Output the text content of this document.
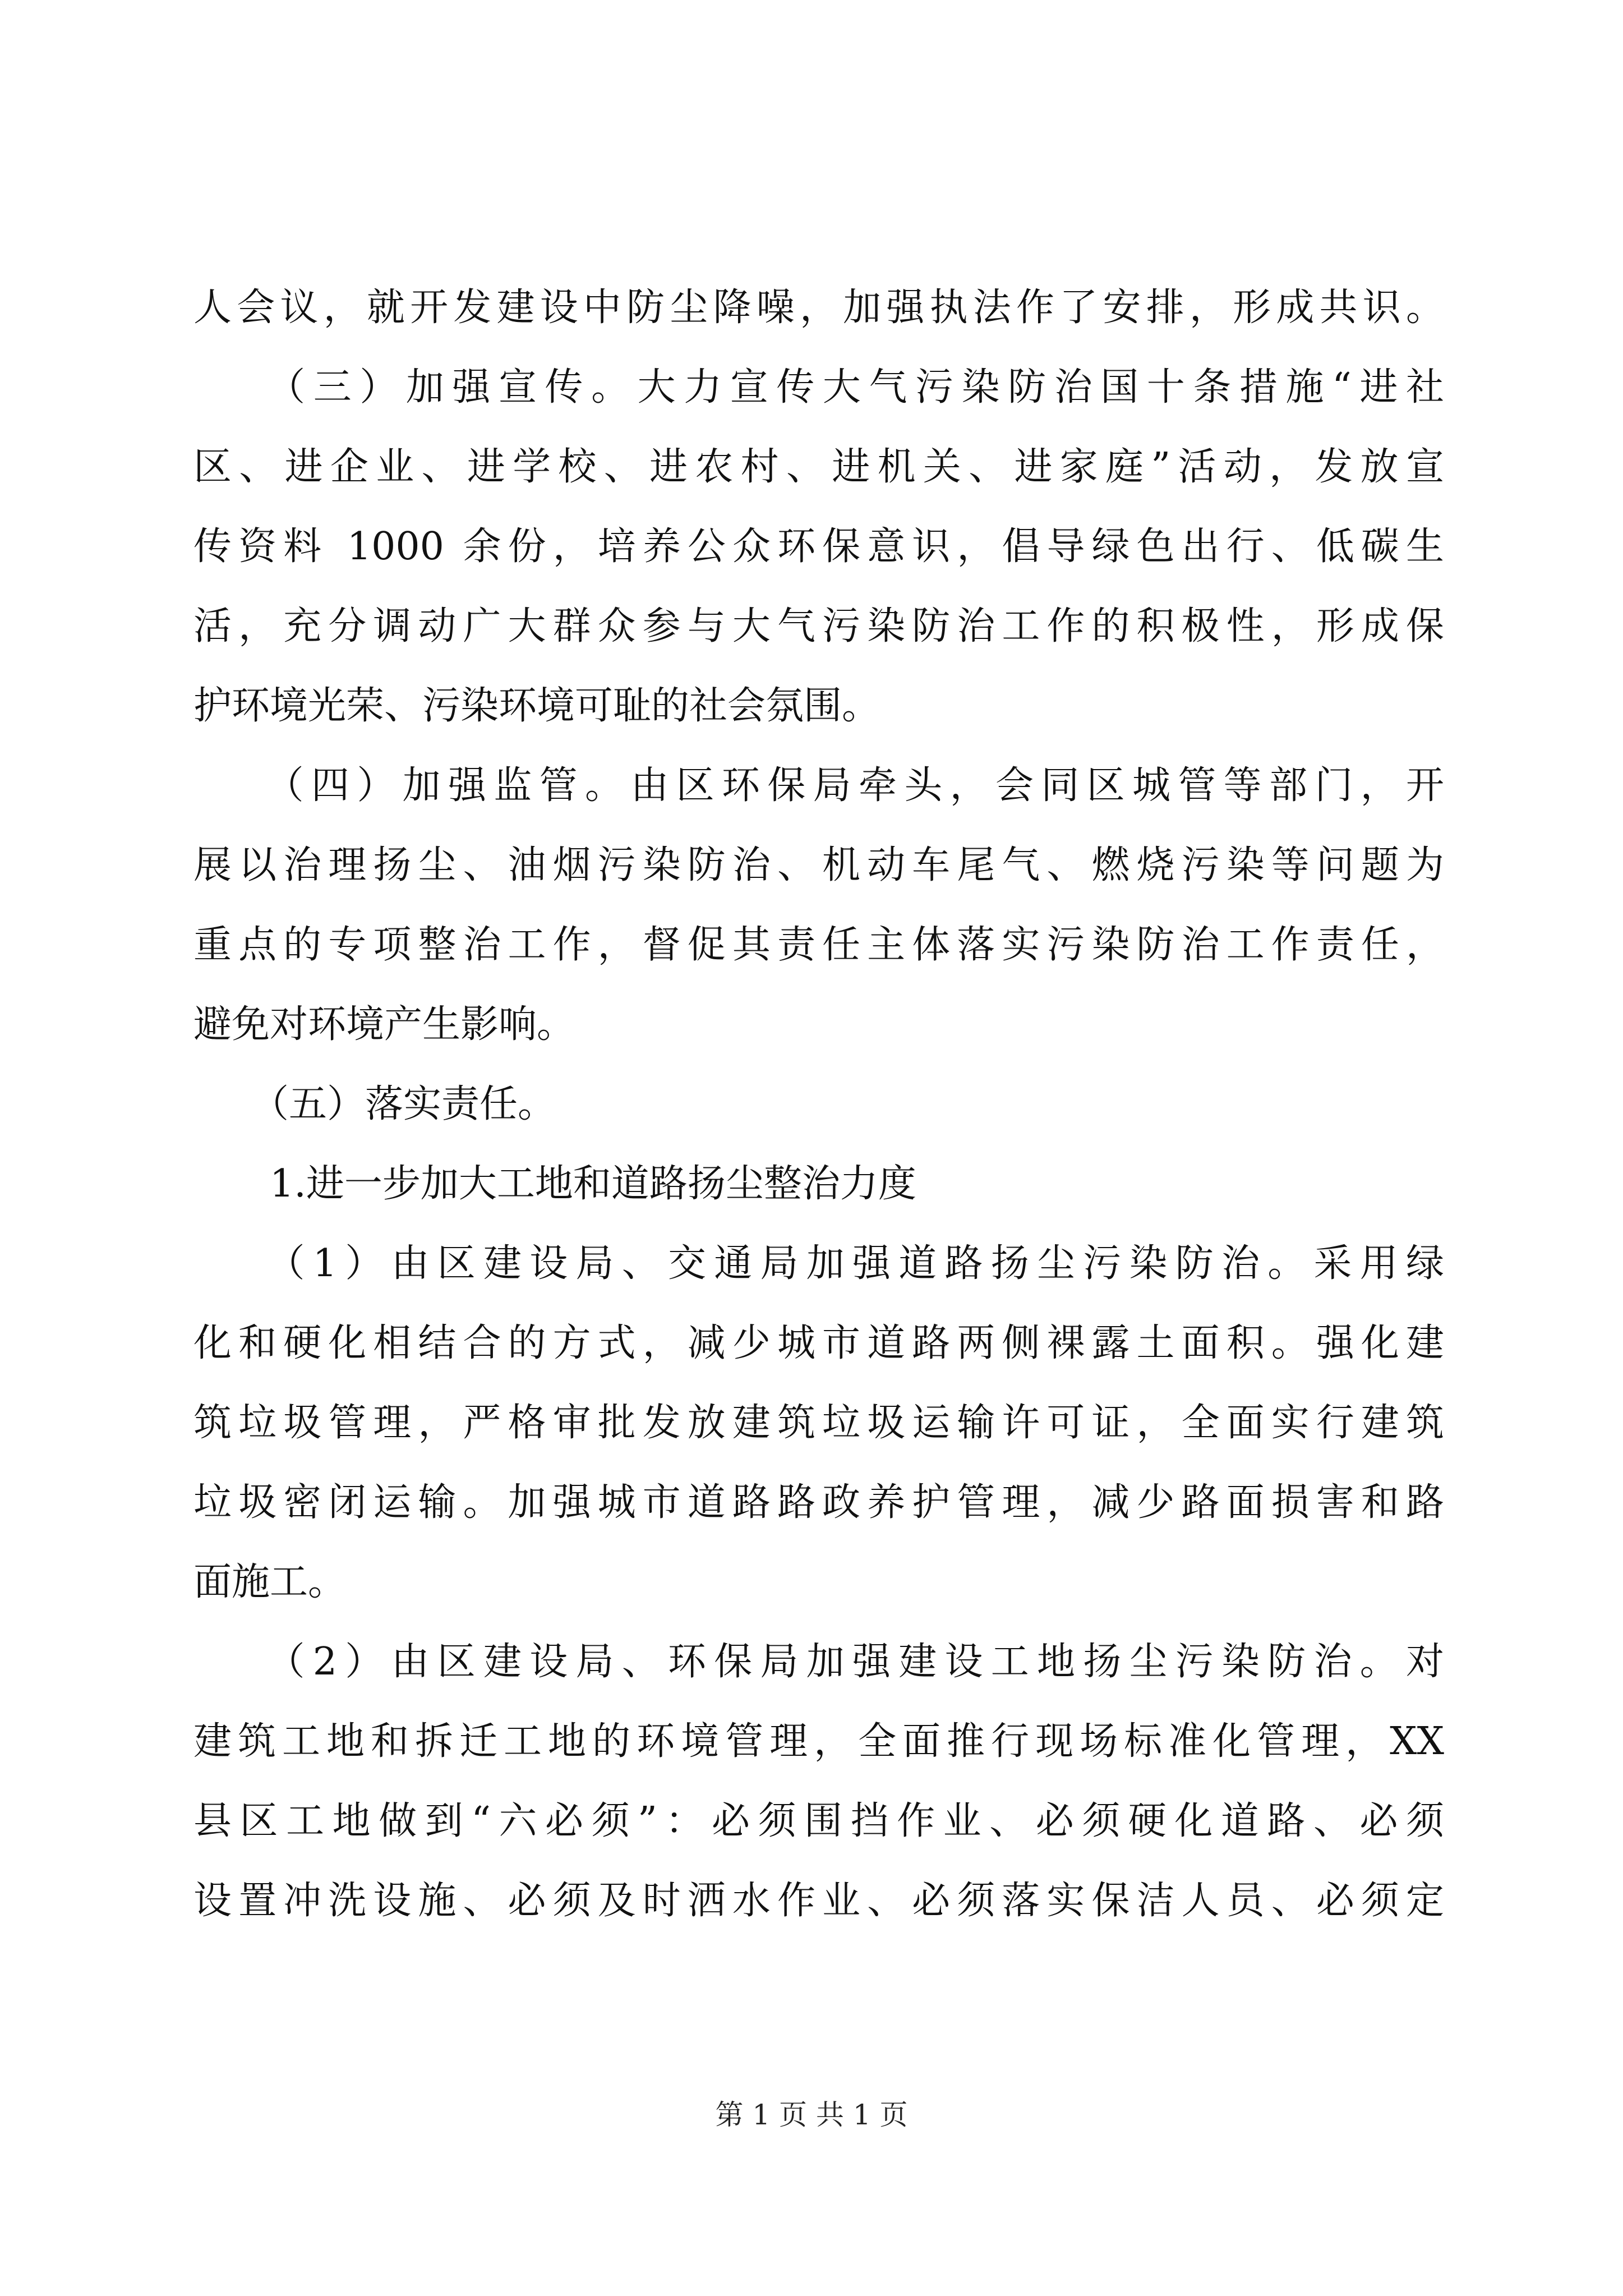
人会议，就开发建设中防尘降噪，加强执法作了安排，形成共识。
　　（三）加强宣传。大力宣传大气污染防治国十条措施“进社
区、进企业、进学校、进农村、进机关、进家庭”活动，发放宣
传资料 1000 余份，培养公众环保意识，倡导绿色出行、低碳生
活，充分调动广大群众参与大气污染防治工作的积极性，形成保
护环境光荣、污染环境可耻的社会氛围。
　　（四）加强监管。由区环保局牵头，会同区城管等部门，开
展以治理扬尘、油烟污染防治、机动车尾气、燃烧污染等问题为
重点的专项整治工作，督促其责任主体落实污染防治工作责任，
避免对环境产生影响。
　　（五）落实责任。
　　1.进一步加大工地和道路扬尘整治力度
　　（1）由区建设局、交通局加强道路扬尘污染防治。采用绿
化和硬化相结合的方式，减少城市道路两侧裸露土面积。强化建
筑垃圾管理，严格审批发放建筑垃圾运输许可证，全面实行建筑
垃圾密闭运输。加强城市道路路政养护管理，减少路面损害和路
面施工。
　　（2）由区建设局、环保局加强建设工地扬尘污染防治。对
建筑工地和拆迁工地的环境管理，全面推行现场标准化管理，XX
县区工地做到“六必须”：必须围挡作业、必须硬化道路、必须
设置冲洗设施、必须及时洒水作业、必须落实保洁人员、必须定
第 1 页 共 1 页
